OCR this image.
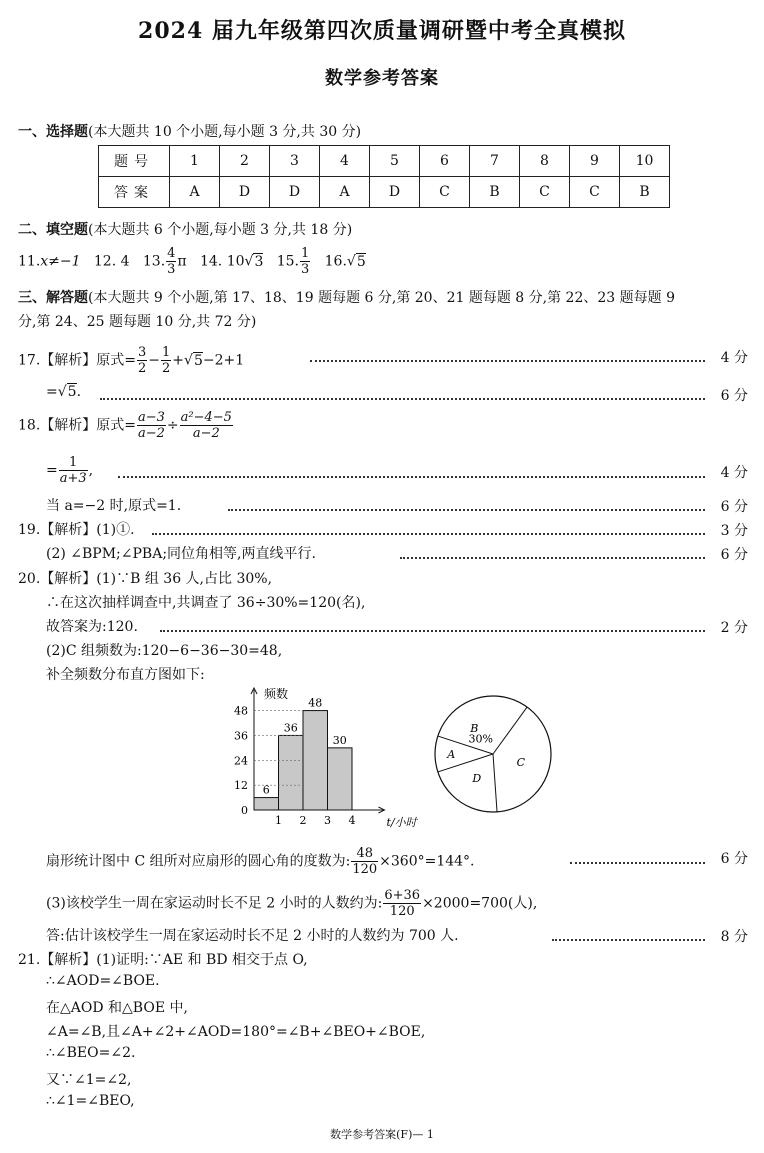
2024 届九年级第四次质量调研暨中考全真模拟
数学参考答案
一、选择题(本大题共 10 个小题,每小题 3 分,共 30 分)
题号	1	2	3	4	5	6	7	8	9	10
答案	A	D	D	A	D	C	B	C	C	B
二、填空题(本大题共 6 个小题,每小题 3 分,共 18 分)
11.x≠−1 12. 4 13. $\frac{4}{3}$ π 14. 10√3 15. $\frac{1}{3} 16.√5$
三、解答题(本大题共 9 个小题,第 17、18、19 题每题 6 分,第 20、21 题每题 8 分,第 22、23 题每题 9
分,第 24、25 题每题 10 分,共 72 分)
17.【解析】原式= $\frac{3}{2} - \frac{1}{2} +√5-2+1$	4 分
=√5.	6 分
18.【解析】原式= $\frac{a-3}{a-2} \div \frac{\text{a²−4−5}}{a-2}$
= $\frac{1}{a+3}$ ,	4 分
当 a=−2 时,原式=1.	6 分
19.【解析】(1)①.	3 分
(2) ∠BPM;∠PBA;同位角相等,两直线平行.	6 分
20.【解析】(1)∵B 组 36 人,占比 30%,
∴在这次抽样调查中,共调查了 36÷30%=120(名),
故答案为:120.	2 分
(2)C 组频数为:120−6−36−30=48,
补全频数分布直方图如下:
6
36
48
30
0
12
24
36
48
1 2 3 4
频数
t/小时
B
A
D
C
30%
扇形统计图中 C 组所对应扇形的圆心角的度数为: $\frac{48}{120} \times 360^\circ=144^\circ$.	6 分
(3)该校学生一周在家运动时长不足 2 小时的人数约为: $\frac{6+36}{120} \times 2000=700$(人),
答:估计该校学生一周在家运动时长不足 2 小时的人数约为 700 人.	8 分
21.【解析】(1)证明:∵AE 和 BD 相交于点 O,
∴∠AOD=∠BOE.
在△AOD 和△BOE 中,
∠A=∠B,且∠A+∠2+∠AOD=180°=∠B+∠BEO+∠BOE,
∴∠BEO=∠2.
又∵∠1=∠2,
∴∠1=∠BEO,
数学参考答案(F)— 1
